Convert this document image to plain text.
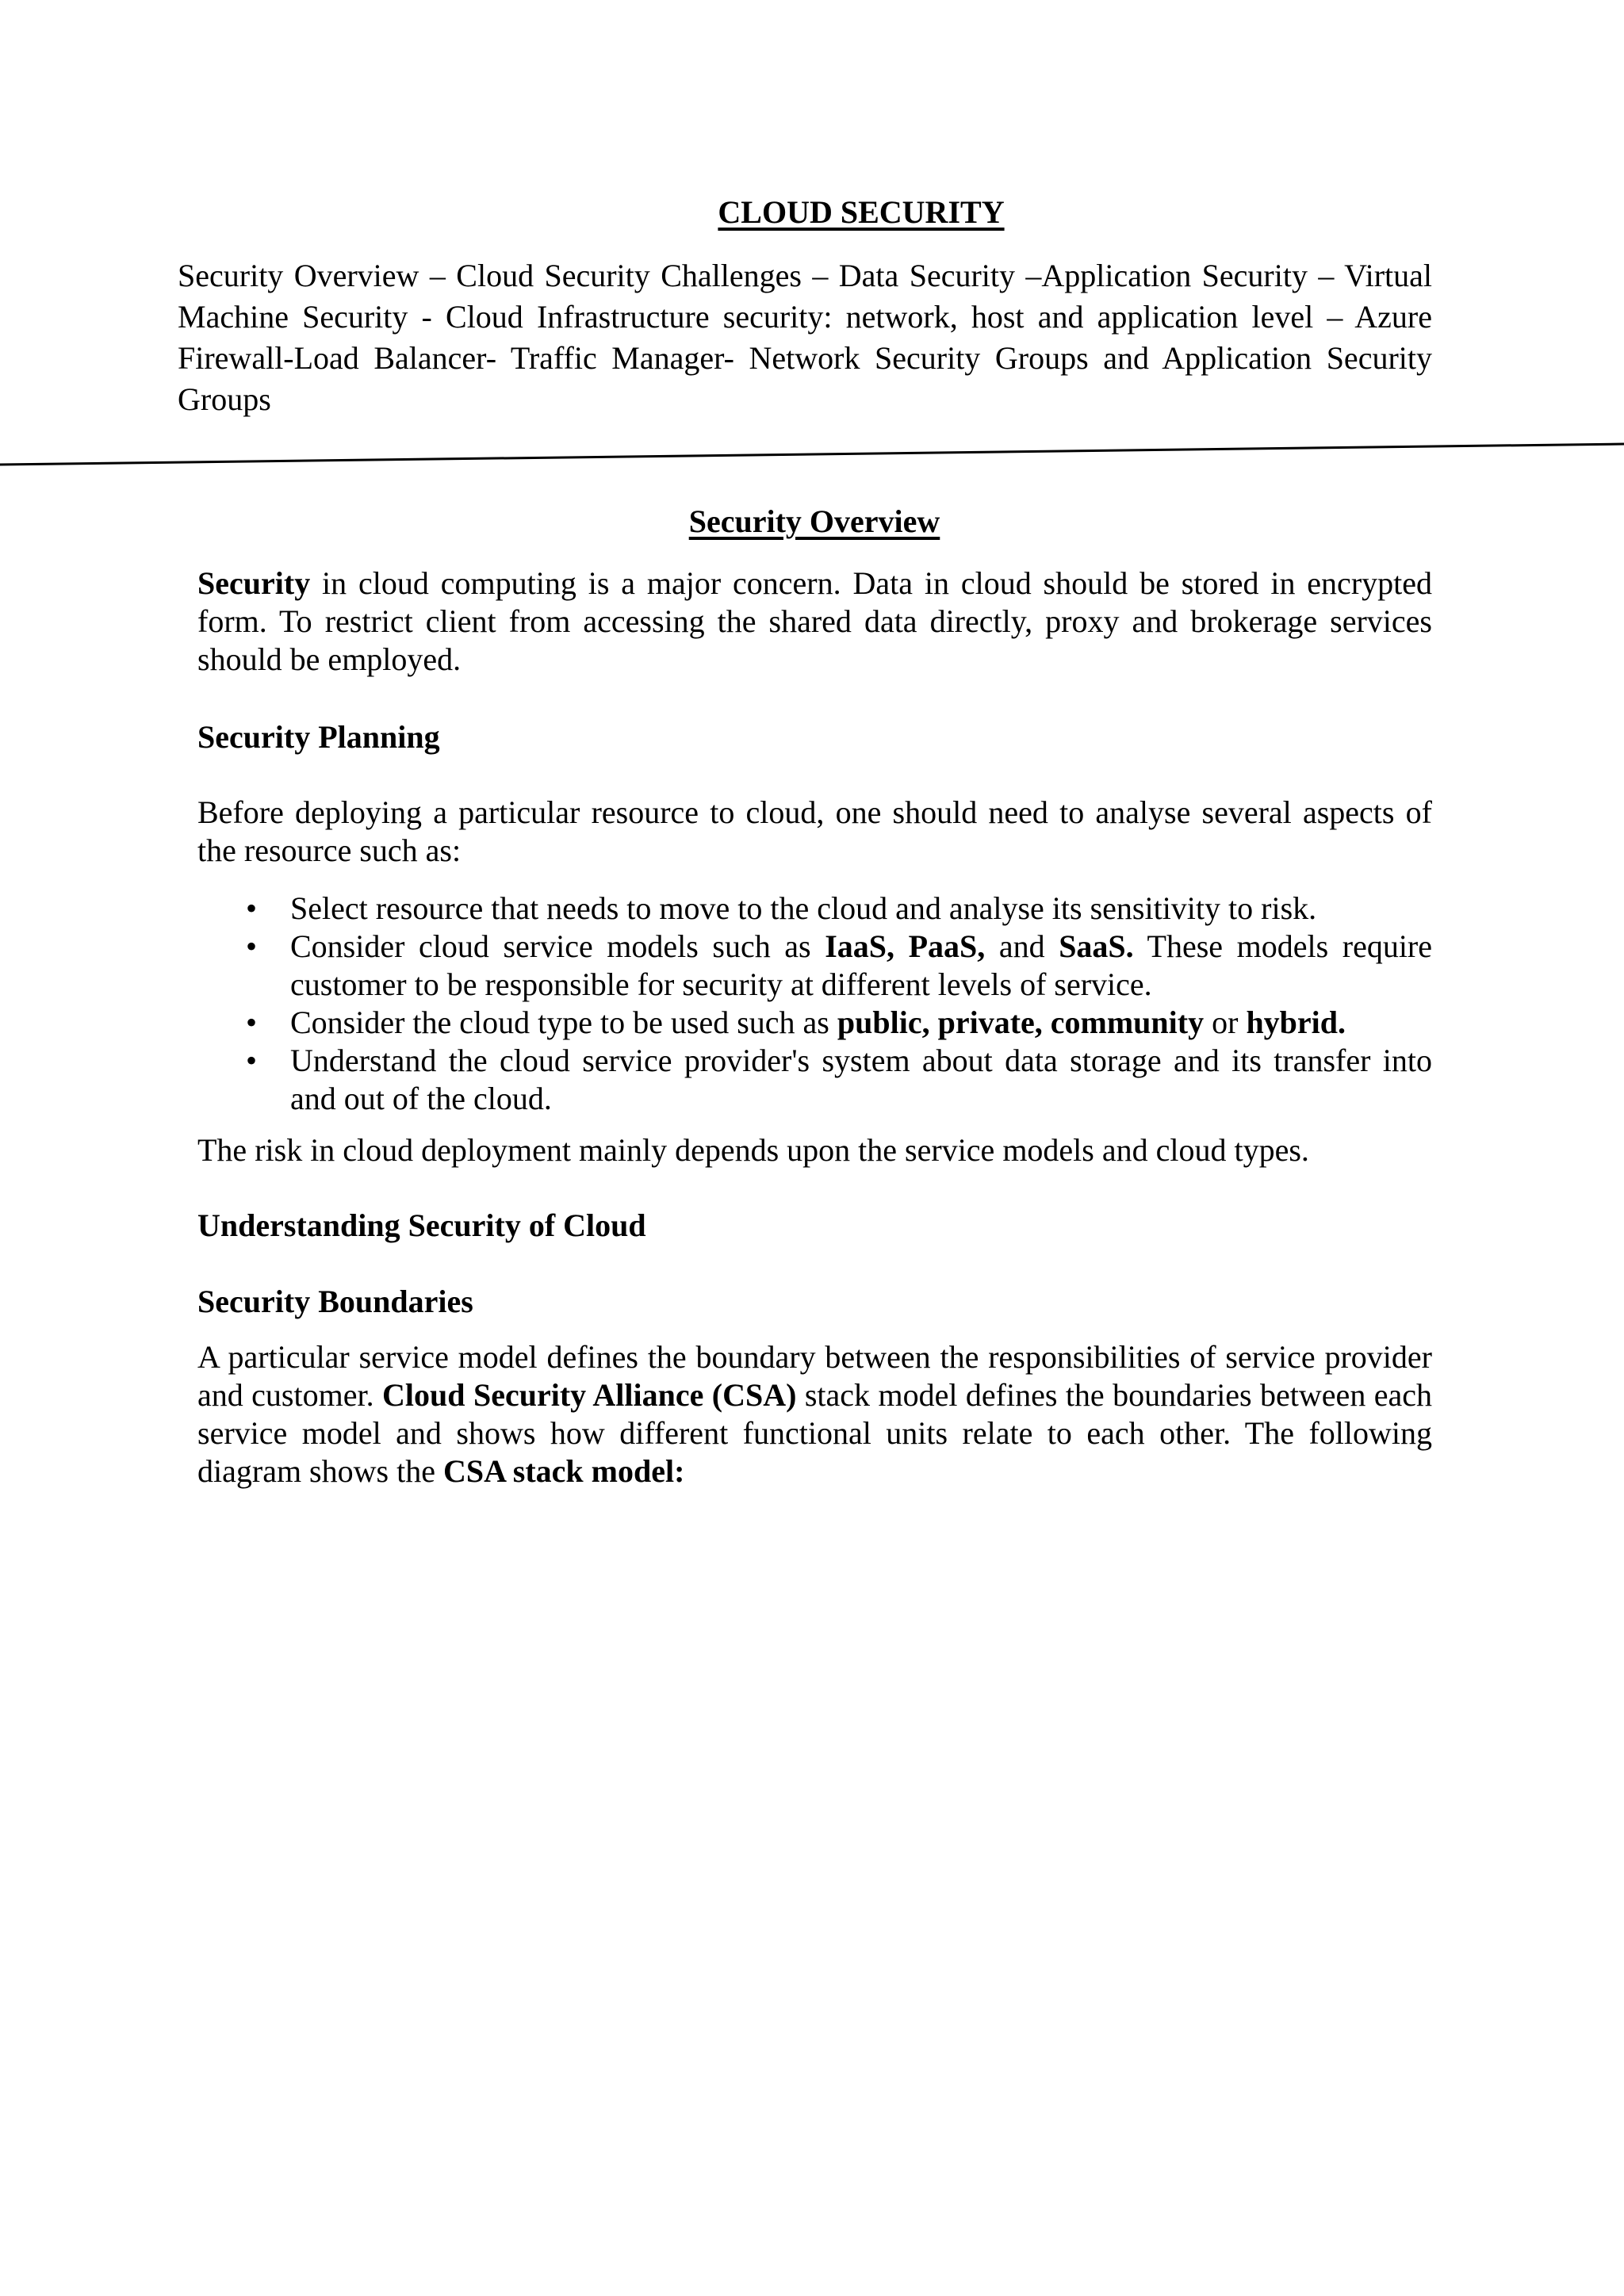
CLOUD SECURITY

Security Overview – Cloud Security Challenges – Data Security –Application Security – Virtual Machine Security - Cloud Infrastructure security: network, host and application level – Azure Firewall-Load Balancer- Traffic Manager- Network Security Groups and Application Security Groups

Security Overview

Security in cloud computing is a major concern. Data in cloud should be stored in encrypted form. To restrict client from accessing the shared data directly, proxy and brokerage services should be employed.

Security Planning

Before deploying a particular resource to cloud, one should need to analyse several aspects of the resource such as:

• Select resource that needs to move to the cloud and analyse its sensitivity to risk.
• Consider cloud service models such as IaaS, PaaS, and SaaS. These models require customer to be responsible for security at different levels of service.
• Consider the cloud type to be used such as public, private, community or hybrid.
• Understand the cloud service provider's system about data storage and its transfer into and out of the cloud.

The risk in cloud deployment mainly depends upon the service models and cloud types.

Understanding Security of Cloud
Security Boundaries

A particular service model defines the boundary between the responsibilities of service provider and customer. Cloud Security Alliance (CSA) stack model defines the boundaries between each service model and shows how different functional units relate to each other. The following diagram shows the CSA stack model:
